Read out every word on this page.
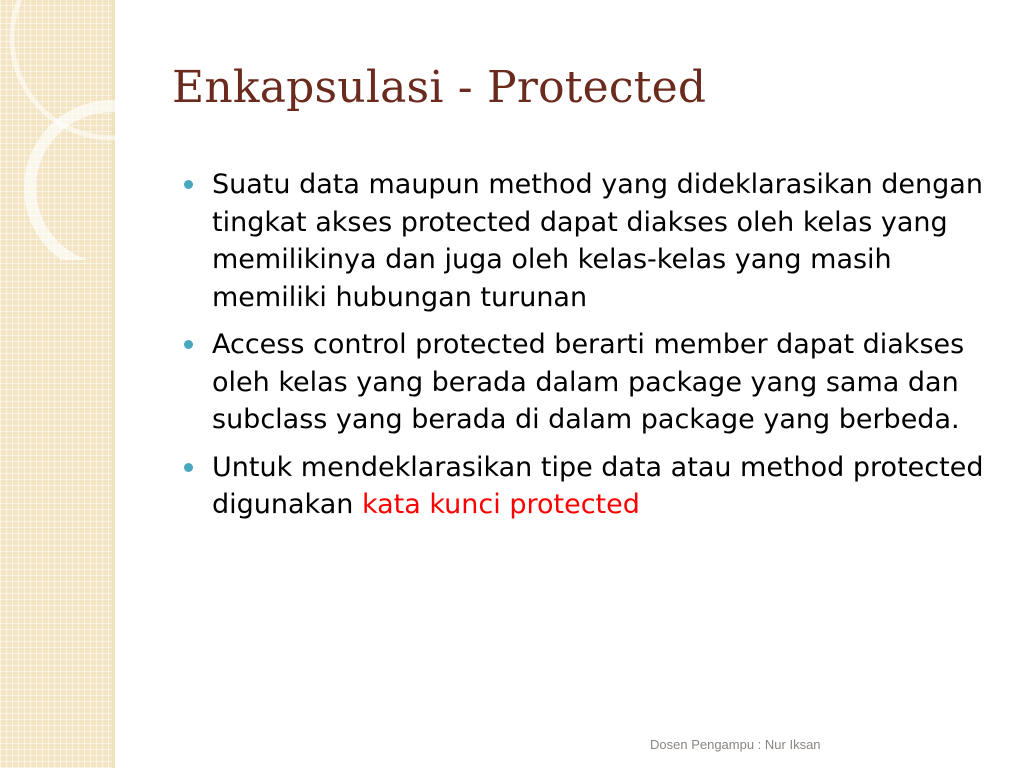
Enkapsulasi - Protected
Suatu data maupun method yang dideklarasikan dengan tingkat akses protected dapat diakses oleh kelas yang memilikinya dan juga oleh kelas-kelas yang masih memiliki hubungan turunan
Access control protected berarti member dapat diakses oleh kelas yang berada dalam package yang sama dan subclass yang berada di dalam package yang berbeda.
Untuk mendeklarasikan tipe data atau method protected digunakan kata kunci protected
Dosen Pengampu : Nur Iksan
